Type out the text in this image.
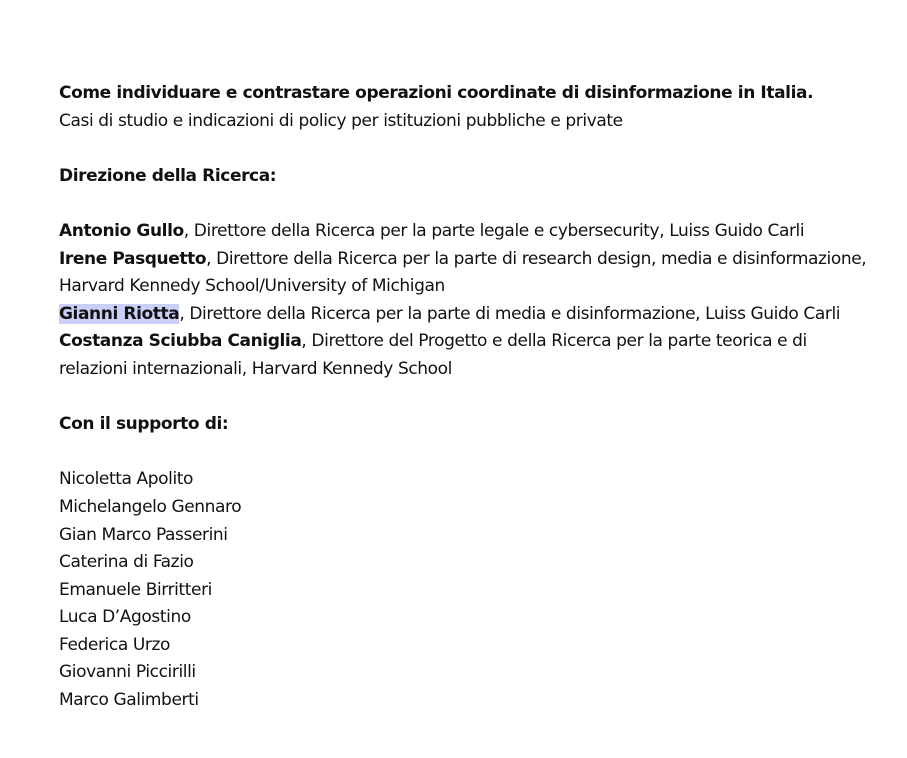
Come individuare e contrastare operazioni coordinate di disinformazione in Italia.
Casi di studio e indicazioni di policy per istituzioni pubbliche e private
Direzione della Ricerca:
Antonio Gullo, Direttore della Ricerca per la parte legale e cybersecurity, Luiss Guido Carli
Irene Pasquetto, Direttore della Ricerca per la parte di research design, media e disinformazione,
Harvard Kennedy School/University of Michigan
Gianni Riotta, Direttore della Ricerca per la parte di media e disinformazione, Luiss Guido Carli
Costanza Sciubba Caniglia, Direttore del Progetto e della Ricerca per la parte teorica e di
relazioni internazionali, Harvard Kennedy School
Con il supporto di:
Nicoletta Apolito
Michelangelo Gennaro
Gian Marco Passerini
Caterina di Fazio
Emanuele Birritteri
Luca D’Agostino
Federica Urzo
Giovanni Piccirilli
Marco Galimberti
